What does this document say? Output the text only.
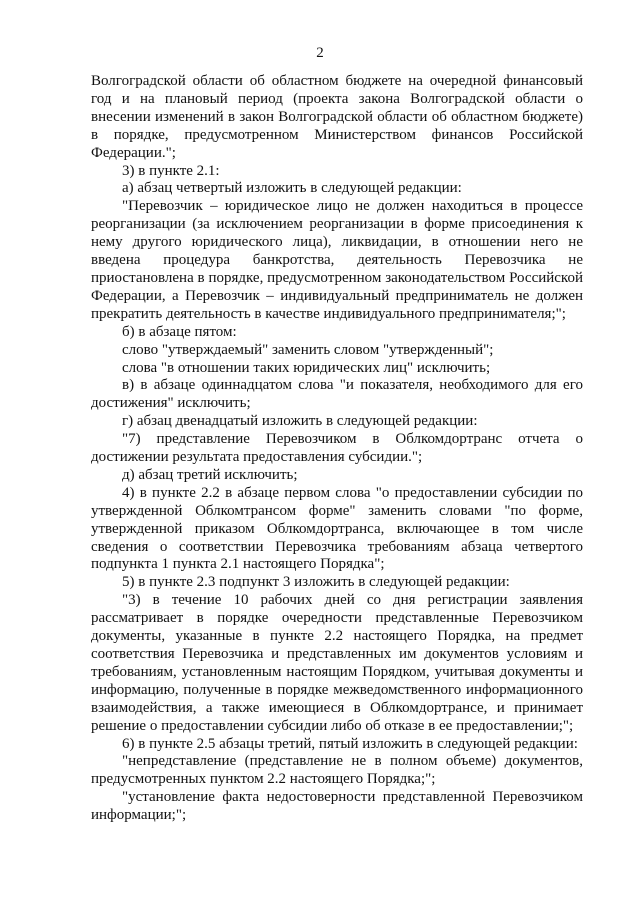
2

Волгоградской области об областном бюджете на очередной финансовый год и на плановый период (проекта закона Волгоградской области о внесении изменений в закон Волгоградской области об областном бюджете) в порядке, предусмотренном Министерством финансов Российской Федерации.";

3) в пункте 2.1:

а) абзац четвертый изложить в следующей редакции:

"Перевозчик – юридическое лицо не должен находиться в процессе реорганизации (за исключением реорганизации в форме присоединения к нему другого юридического лица), ликвидации, в отношении него не введена процедура банкротства, деятельность Перевозчика не приостановлена в порядке, предусмотренном законодательством Российской Федерации, а Перевозчик – индивидуальный предприниматель не должен прекратить деятельность в качестве индивидуального предпринимателя;";

б) в абзаце пятом:

слово "утверждаемый" заменить словом "утвержденный";

слова "в отношении таких юридических лиц" исключить;

в) в абзаце одиннадцатом слова "и показателя, необходимого для его достижения" исключить;

г) абзац двенадцатый изложить в следующей редакции:

"7) представление Перевозчиком в Облкомдортранс отчета о достижении результата предоставления субсидии.";

д) абзац третий исключить;

4) в пункте 2.2 в абзаце первом слова "о предоставлении субсидии по утвержденной Облкомтрансом форме" заменить словами "по форме, утвержденной приказом Облкомдортранса, включающее в том числе сведения о соответствии Перевозчика требованиям абзаца четвертого подпункта 1 пункта 2.1 настоящего Порядка";

5) в пункте 2.3 подпункт 3 изложить в следующей редакции:

"3) в течение 10 рабочих дней со дня регистрации заявления рассматривает в порядке очередности представленные Перевозчиком документы, указанные в пункте 2.2 настоящего Порядка, на предмет соответствия Перевозчика и представленных им документов условиям и требованиям, установленным настоящим Порядком, учитывая документы и информацию, полученные в порядке межведомственного информационного взаимодействия, а также имеющиеся в Облкомдортрансе, и принимает решение о предоставлении субсидии либо об отказе в ее предоставлении;";

6) в пункте 2.5 абзацы третий, пятый изложить в следующей редакции:

"непредставление (представление не в полном объеме) документов, предусмотренных пунктом 2.2 настоящего Порядка;";

"установление факта недостоверности представленной Перевозчиком информации;";
